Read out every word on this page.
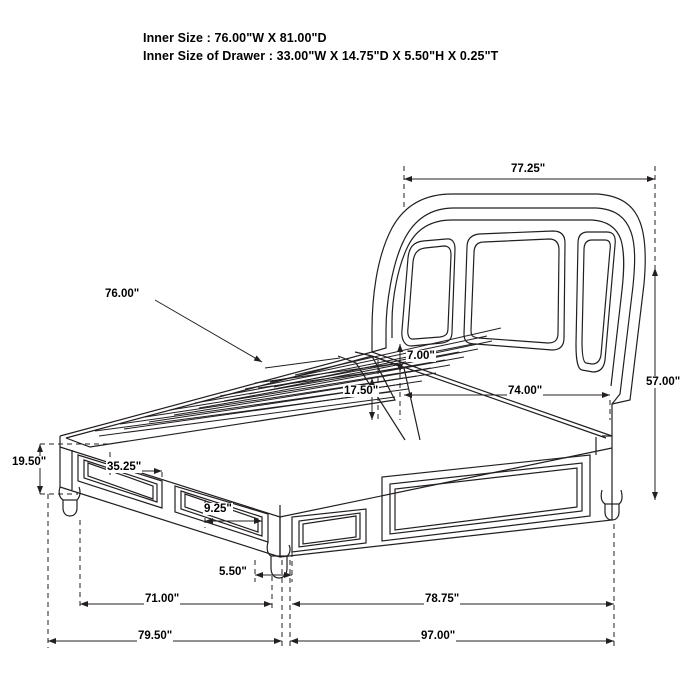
Inner Size : 76.00"W X 81.00"D
Inner Size of Drawer : 33.00"W X 14.75"D X 5.50"H X 0.25"T
77.25"
76.00"
7.00"
17.50"	74.00"
57.00"
19.50"	35.25"
9.25"
5.50"
71.00"	78.75"
79.50"	97.00"
